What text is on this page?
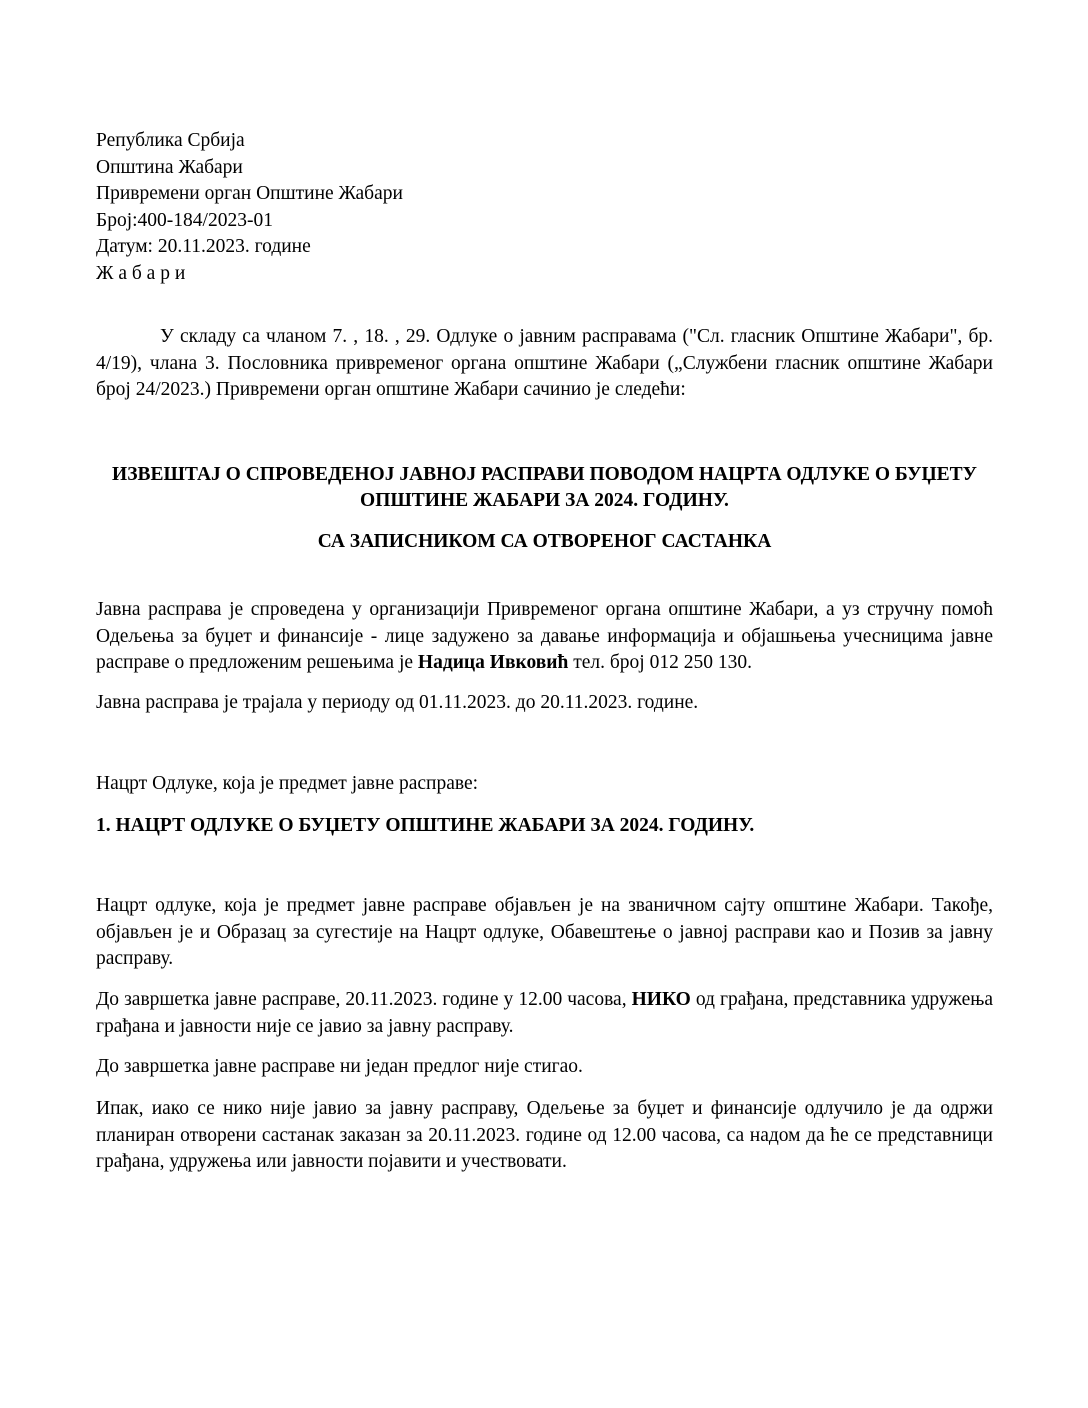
Република Србија
Општина Жабари
Привремени орган Општине Жабари
Број:400-184/2023-01
Датум: 20.11.2023. године
Ж а б а р и
У складу са чланом 7. , 18. , 29. Одлуке о јавним расправама ("Сл. гласник Општине Жабари", бр. 4/19), члана 3. Пословника привременог органа општине Жабари („Службени гласник општине Жабари број 24/2023.) Привремени орган општине Жабари сачинио је следећи:
ИЗВЕШТАЈ О СПРОВЕДЕНОЈ ЈАВНОЈ РАСПРАВИ ПОВОДОМ НАЦРТА ОДЛУКЕ О БУЏЕТУ ОПШТИНЕ ЖАБАРИ ЗА 2024. ГОДИНУ.
СА ЗАПИСНИКОМ СА ОТВОРЕНОГ САСТАНКА
Јавна расправа је спроведена у организацији Привременог органа општине Жабари, а уз стручну помоћ Одељења за буџет и финансије - лице задужено за давање информација и објашњења учесницима јавне расправе о предложеним решењима је Надица Ивковић тел. број 012 250 130.
Јавна расправа је трајала у периоду од 01.11.2023. до 20.11.2023. године.
Нацрт Одлуке, која је предмет јавне расправе:
1. НАЦРТ ОДЛУКЕ О БУЏЕТУ ОПШТИНЕ ЖАБАРИ ЗА 2024. ГОДИНУ.
Нацрт одлуке, која је предмет јавне расправе објављен је на званичном сајту општине Жабари. Такође, објављен је и Образац за сугестије на Нацрт одлуке, Обавештење о јавној расправи као и Позив за јавну расправу.
До завршетка јавне расправе, 20.11.2023. године у 12.00 часова, НИКО од грађана, представника удружења грађана и јавности није се јавио за јавну расправу.
До завршетка јавне расправе ни један предлог није стигао.
Ипак, иако се нико није јавио за јавну расправу, Одељење за буџет и финансије одлучило је да одржи планиран отворени састанак заказан за 20.11.2023. године од 12.00 часова, са надом да ће се представници грађана, удружења или јавности појавити и учествовати.
